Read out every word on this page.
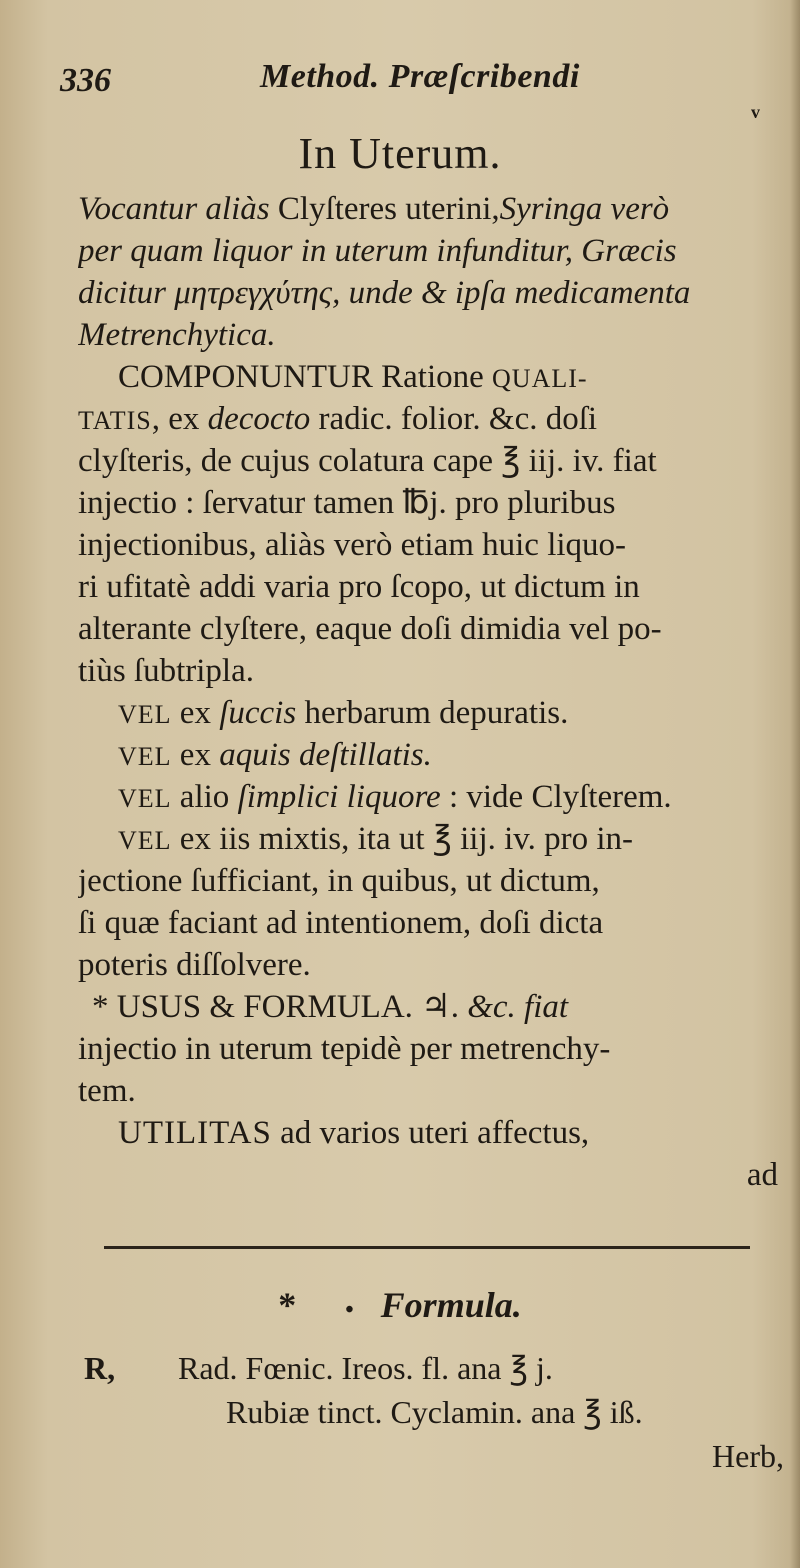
336	Method. Præſcribendi
v
In Uterum.
Vocantur aliàs Clyſteres uterini,Syringa verò
per quam liquor in uterum infunditur, Græcis
dicitur μητρεγχύτης, unde & ipſa medicamenta
Metrenchytica.
COMPONUNTUR Ratione QUALI-
TATIS, ex decocto radic. folior. &c. doſi
clyſteris, de cujus colatura cape ℥ iij. iv. fiat
injectio : ſervatur tamen ℔j. pro pluribus
injectionibus, aliàs verò etiam huic liquo-
ri ufitatè addi varia pro ſcopo, ut dictum in
alterante clyſtere, eaque doſi dimidia vel po-
tiùs ſubtripla.
VEL ex ſuccis herbarum depuratis.
VEL ex aquis deſtillatis.
VEL alio ſimplici liquore : vide Clyſterem.
VEL ex iis mixtis, ita ut ℥ iij. iv. pro in-
jectione ſufficiant, in quibus, ut dictum,
ſi quæ faciant ad intentionem, doſi dicta
poteris diſſolvere.
* USUS & FORMULA. ♃. &c. fiat
injectio in uterum tepidè per metrenchy-
tem.
UTILITAS ad varios uteri affectus,
ad
* • Formula.
R, Rad. Fœnic. Ireos. fl. ana ℥ j.
Rubiæ tinct. Cyclamin. ana ℥ iß.
Herb,
